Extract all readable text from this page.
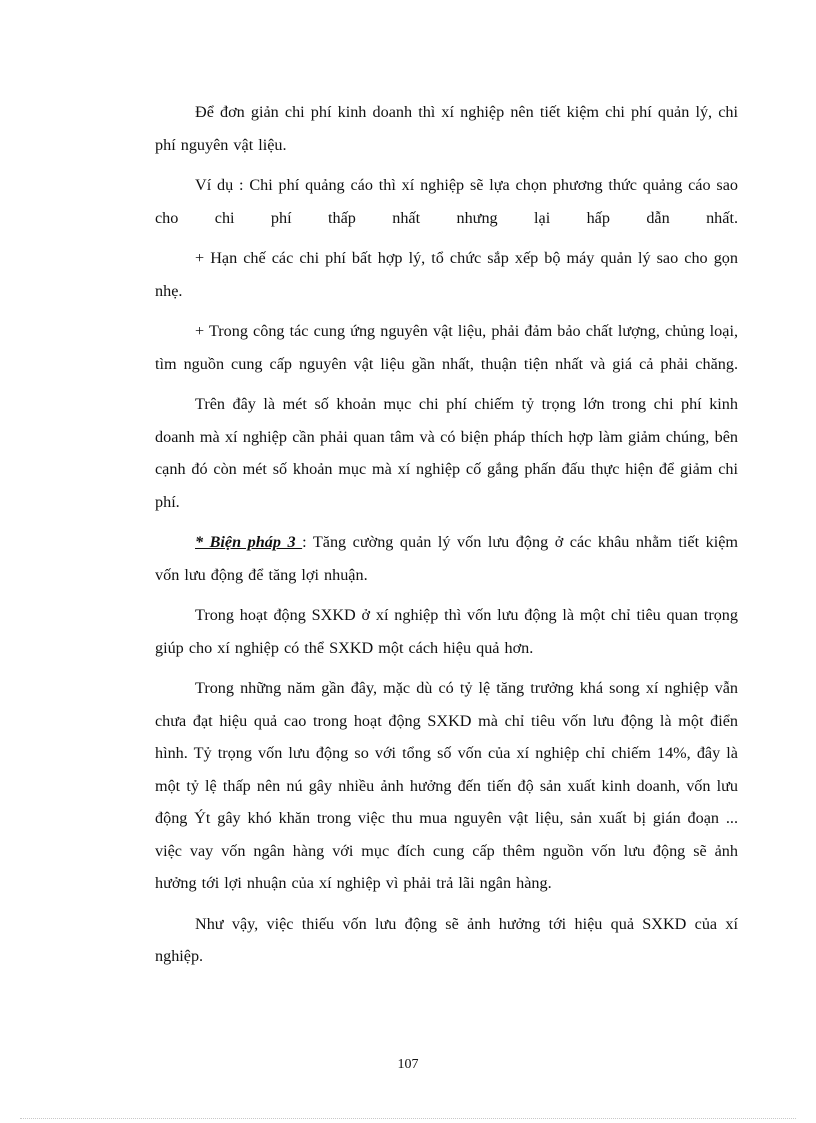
Để đơn giản chi phí kinh doanh thì xí nghiệp nên tiết kiệm chi phí quản lý, chi phí nguyên vật liệu.

Ví dụ : Chi phí quảng cáo thì xí nghiệp sẽ lựa chọn phương thức quảng cáo sao cho chi phí thấp nhất nhưng lại hấp dẫn nhất.

+ Hạn chế các chi phí bất hợp lý, tổ chức sắp xếp bộ máy quản lý sao cho gọn nhẹ.

+ Trong công tác cung ứng nguyên vật liệu, phải đảm bảo chất lượng, chủng loại, tìm nguồn cung cấp nguyên vật liệu gần nhất, thuận tiện nhất và giá cả phải chăng.

Trên đây là mét số khoản mục chi phí chiếm tỷ trọng lớn trong chi phí kinh doanh mà xí nghiệp cần phải quan tâm và có biện pháp thích hợp làm giảm chúng, bên cạnh đó còn mét số khoản mục mà xí nghiệp cố gắng phấn đấu thực hiện để giảm chi phí.

* Biện pháp 3 : Tăng cường quản lý vốn lưu động ở các khâu nhằm tiết kiệm vốn lưu động để tăng lợi nhuận.

Trong hoạt động SXKD ở xí nghiệp thì vốn lưu động là một chỉ tiêu quan trọng giúp cho xí nghiệp có thể SXKD một cách hiệu quả hơn.

Trong những năm gần đây, mặc dù có tỷ lệ tăng trưởng khá song xí nghiệp vẫn chưa đạt hiệu quả cao trong hoạt động SXKD mà chỉ tiêu vốn lưu động là một điển hình. Tỷ trọng vốn lưu động so với tổng số vốn của xí nghiệp chỉ chiếm 14%, đây là một tỷ lệ thấp nên nú gây nhiều ảnh hưởng đến tiến độ sản xuất kinh doanh, vốn lưu động Ýt gây khó khăn trong việc thu mua nguyên vật liệu, sản xuất bị gián đoạn ... việc vay vốn ngân hàng với mục đích cung cấp thêm nguồn vốn lưu động sẽ ảnh hưởng tới lợi nhuận của xí nghiệp vì phải trả lãi ngân hàng.

Như vậy, việc thiếu vốn lưu động sẽ ảnh hưởng tới hiệu quả SXKD của xí nghiệp.

107
